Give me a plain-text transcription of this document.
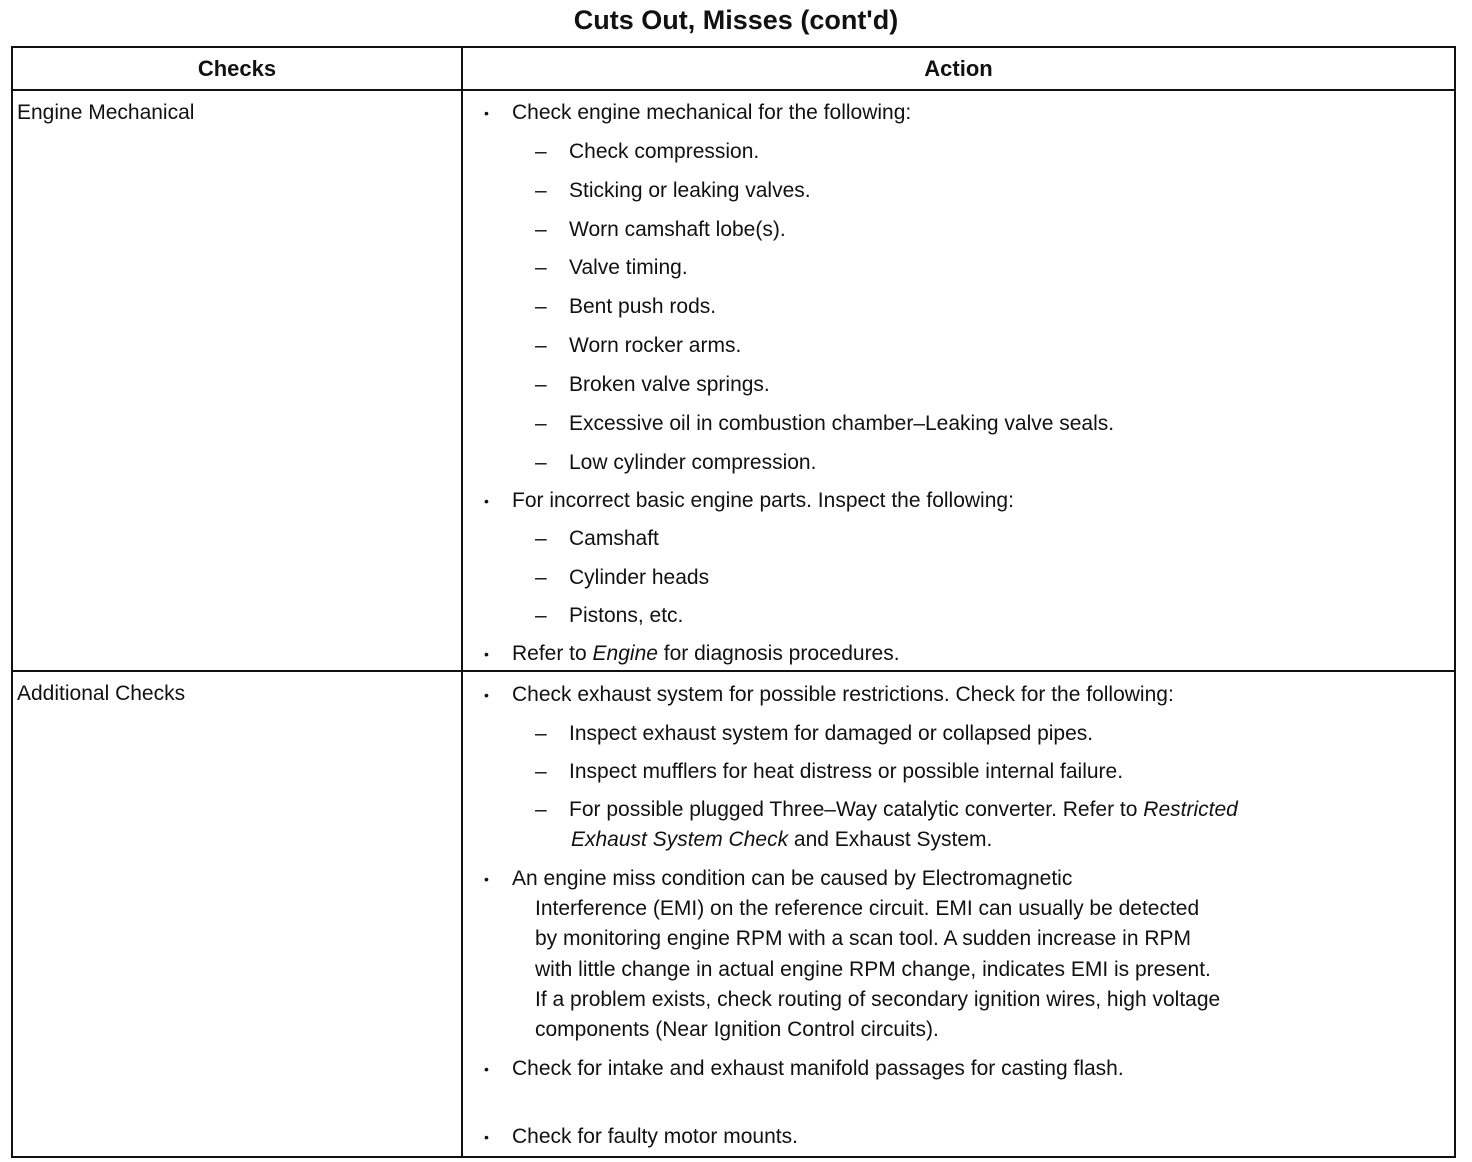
Cuts Out, Misses (cont'd)
Checks	Action
Engine Mechanical	• Check engine mechanical for the following:
– Check compression.
– Sticking or leaking valves.
– Worn camshaft lobe(s).
– Valve timing.
– Bent push rods.
– Worn rocker arms.
– Broken valve springs.
– Excessive oil in combustion chamber–Leaking valve seals.
– Low cylinder compression.
• For incorrect basic engine parts. Inspect the following:
– Camshaft
– Cylinder heads
– Pistons, etc.
• Refer to Engine for diagnosis procedures.
Additional Checks	• Check exhaust system for possible restrictions. Check for the following:
– Inspect exhaust system for damaged or collapsed pipes.
– Inspect mufflers for heat distress or possible internal failure.
– For possible plugged Three–Way catalytic converter. Refer to Restricted
Exhaust System Check and Exhaust System.
• An engine miss condition can be caused by Electromagnetic
Interference (EMI) on the reference circuit. EMI can usually be detected
by monitoring engine RPM with a scan tool. A sudden increase in RPM
with little change in actual engine RPM change, indicates EMI is present.
If a problem exists, check routing of secondary ignition wires, high voltage
components (Near Ignition Control circuits).
• Check for intake and exhaust manifold passages for casting flash.
• Check for faulty motor mounts.
